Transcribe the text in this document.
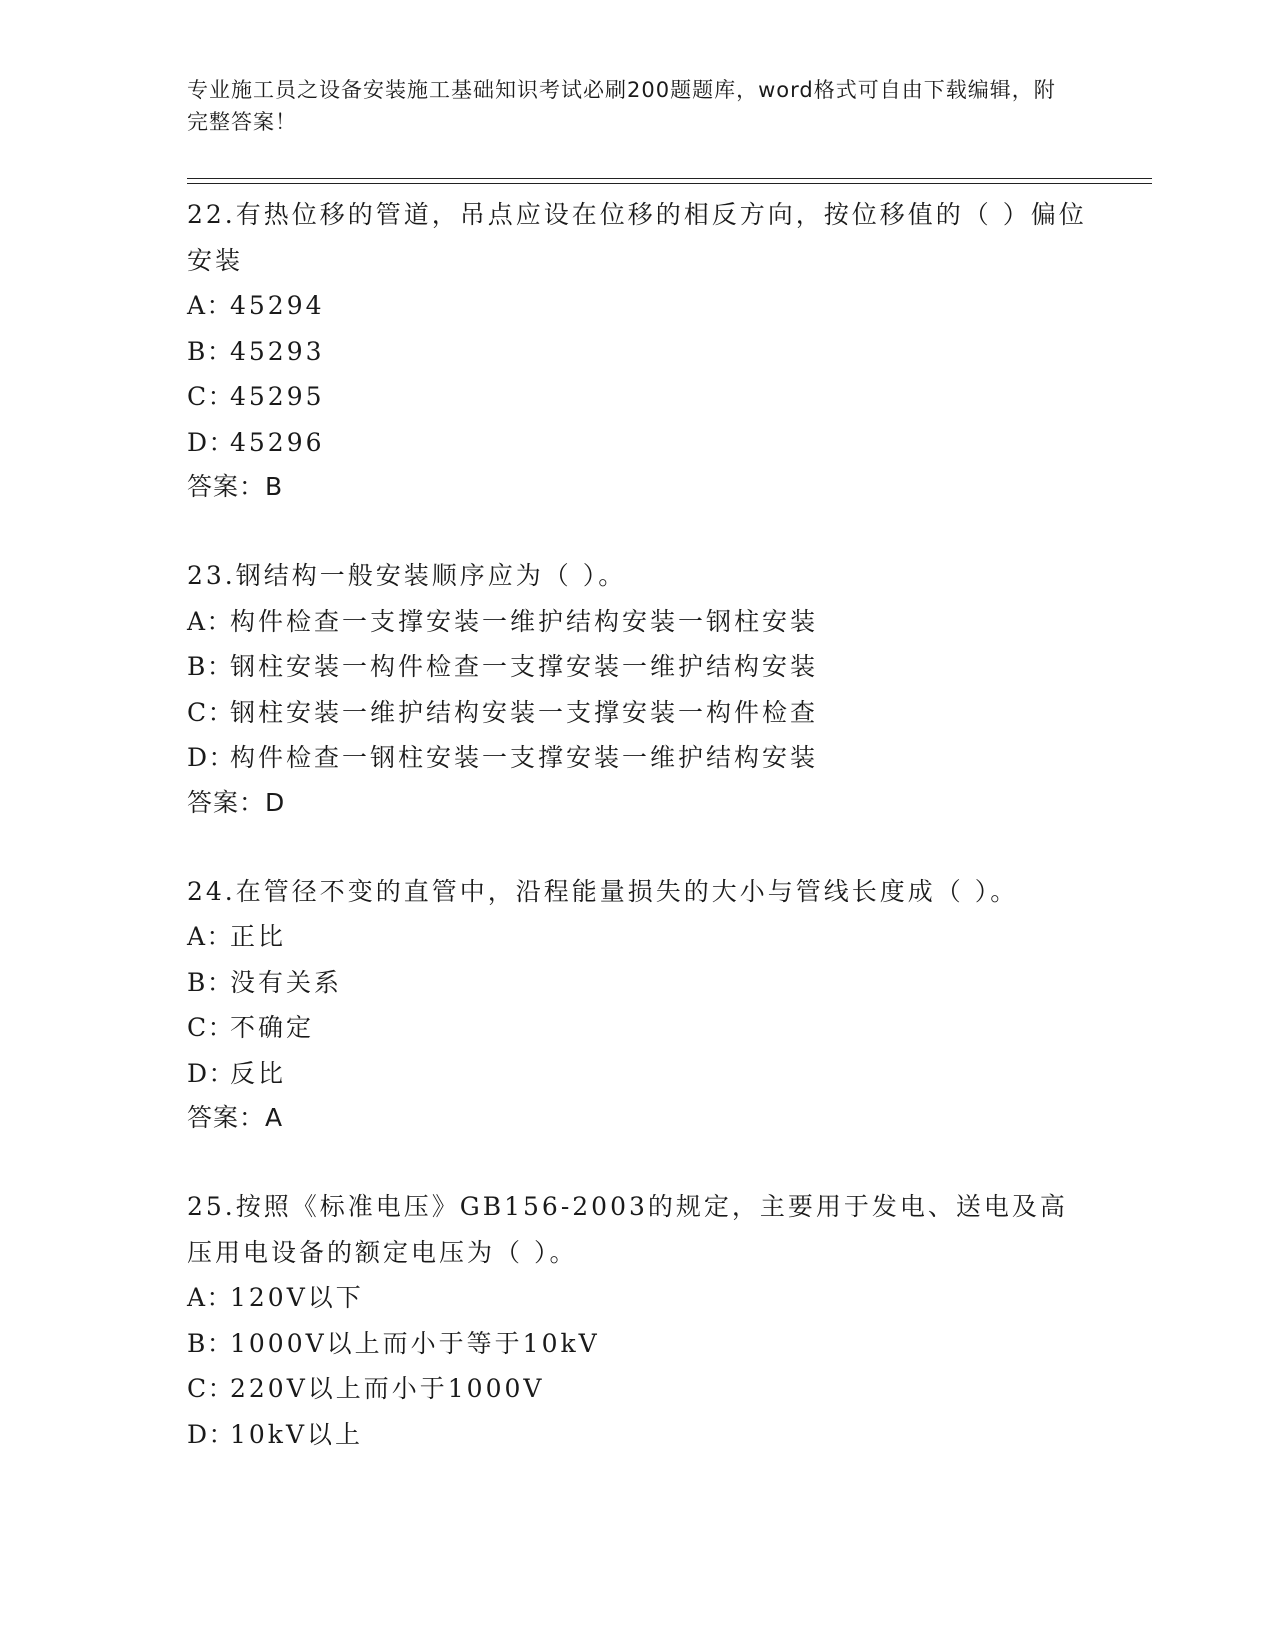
专业施工员之设备安装施工基础知识考试必刷200题题库，word格式可自由下载编辑，附完整答案！
22.有热位移的管道，吊点应设在位移的相反方向，按位移值的（ ）偏位安装
A：
45294
B：
45293
C：
45295
D：
45296
答案：B
23.钢结构一般安装顺序应为（ ）。
A：
构件检查一支撑安装一维护结构安装一钢柱安装
B：
钢柱安装一构件检查一支撑安装一维护结构安装
C：
钢柱安装一维护结构安装一支撑安装一构件检查
D：
构件检查一钢柱安装一支撑安装一维护结构安装
答案：D
24.在管径不变的直管中，沿程能量损失的大小与管线长度成（ ）。
A：
正比
B：
没有关系
C：
不确定
D：
反比
答案：A
25.按照《标准电压》GB156-2003的规定，主要用于发电、送电及高压用电设备的额定电压为（ ）。
A：
120V以下
B：
1000V以上而小于等于10kV
C：
220V以上而小于1000V
D：
10kV以上
